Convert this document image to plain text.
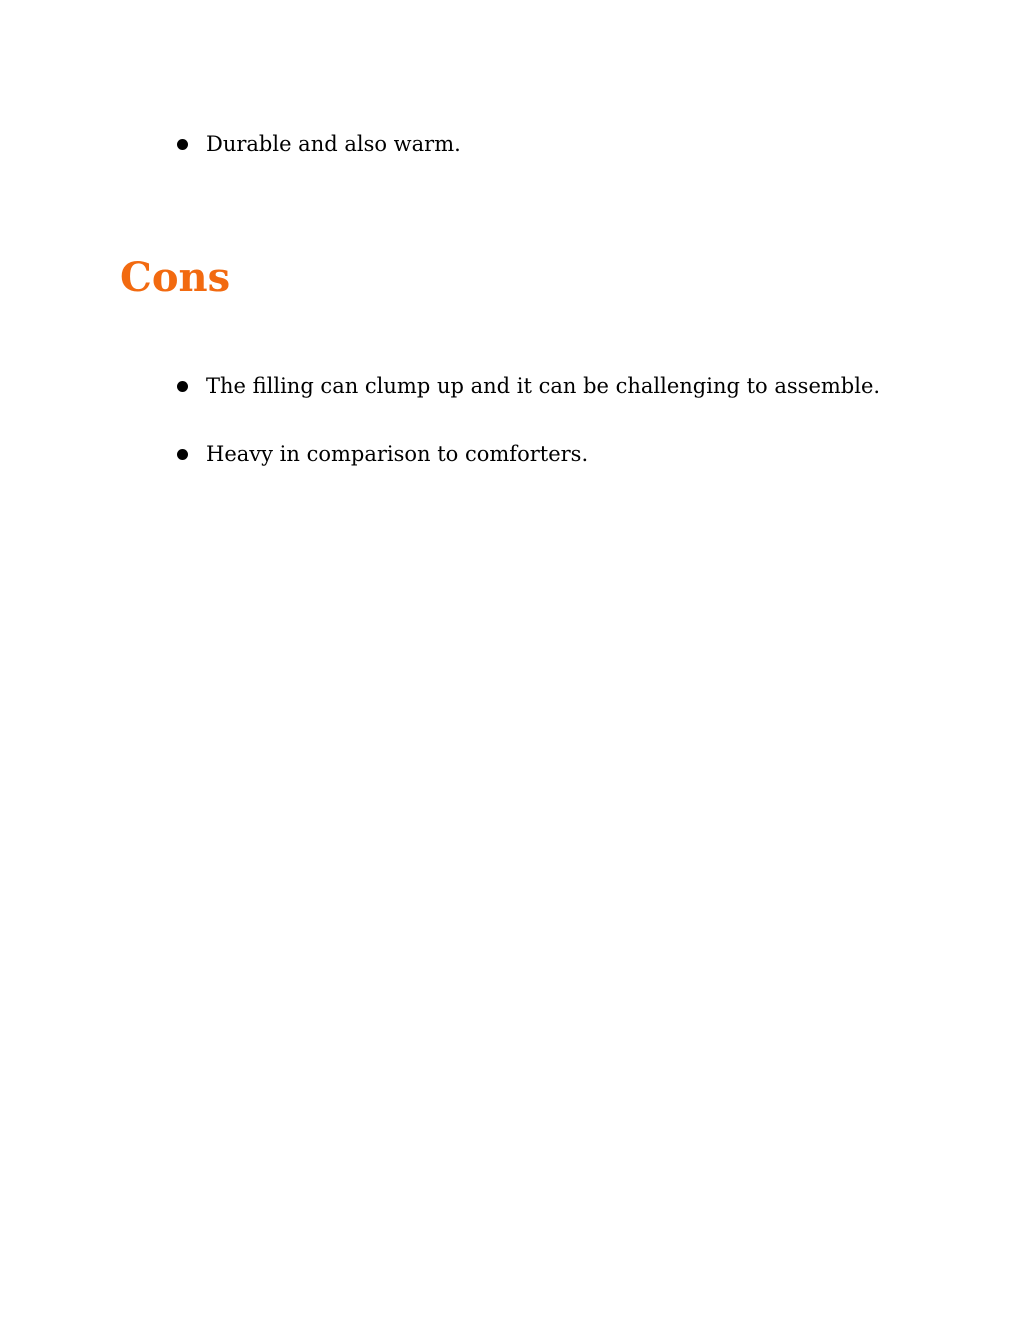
Durable and also warm.
Cons
The filling can clump up and it can be challenging to assemble.
Heavy in comparison to comforters.
